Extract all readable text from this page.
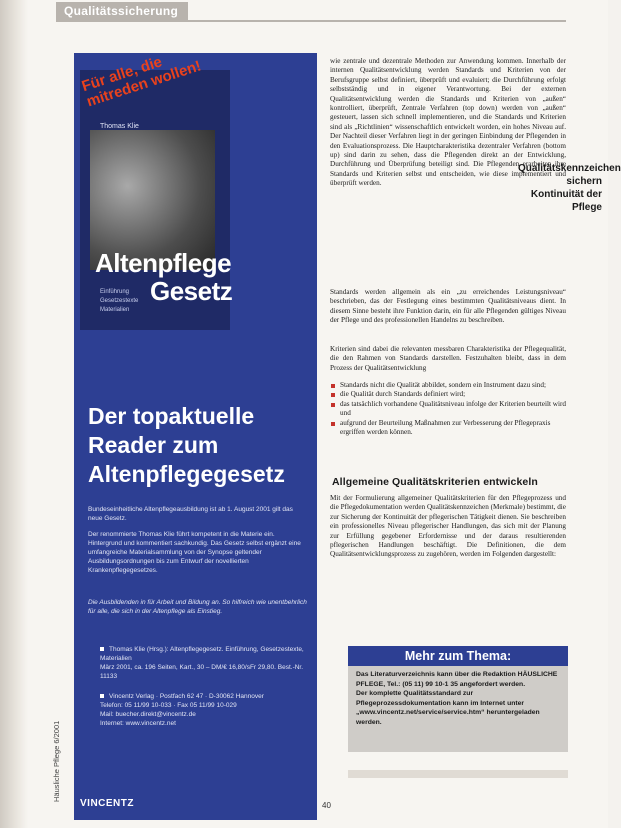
Qualitätssicherung
Thomas Klie
Altenpflege
Gesetz
Einführung
Gesetzestexte
Materialien
Für alle, die mitreden wollen!
Der topaktuelle Reader zum Altenpflegegesetz

Bundeseinheitliche Altenpflegeausbildung ist ab 1. August 2001 gilt das neue Gesetz.

Der renommierte Thomas Klie führt kompetent in die Materie ein. Hintergrund und kommentiert sachkundig. Das Gesetz selbst ergänzt eine umfangreiche Materialsammlung von der Synopse geltender Ausbildungsordnungen bis zum Entwurf der novellierten Krankenpflegegesetzes.

Die Ausbildenden in für Arbeit und Bildung an. So hilfreich wie unentbehrlich für alle, die sich in der Altenpflege als Einstieg.

Thomas Klie (Hrsg.): Altenpflegegesetz. Einführung, Gesetzestexte, Materialien

März 2001, ca. 196 Seiten, Kart., 30 – DM/€ 16,80/sFr 29,80. Best.-Nr. 11133

Vincentz Verlag · Postfach 62 47 · D-30062 Hannover

Telefon: 05 11/99 10-033 · Fax 05 11/99 10-029

Mail: buecher.direkt@vincentz.de

Internet: www.vincentz.net

VINCENTZ
Häusliche Pflege 6/2001

wie zentrale und dezentrale Methoden zur Anwendung kommen. Innerhalb der internen Qualitätsentwicklung werden Standards und Kriterien von der Berufsgruppe selbst definiert, überprüft und evaluiert; die Durchführung erfolgt selbstständig und in eigener Verantwortung. Bei der externen Qualitätsentwicklung werden die Standards und Kriterien von „außen“ kontrolliert, überprüft, Zentrale Verfahren (top down) werden von „außen“ gesteuert, lassen sich schnell implementieren, und die Standards und Kriterien sind als „Richtlinien“ wissenschaftlich entwickelt worden, ein hohes Niveau auf. Der Nachteil dieser Verfahren liegt in der geringen Einbindung der Pflegenden in den Evaluationsprozess. Die Hauptcharakteristika dezentraler Verfahren (bottom up) sind darin zu sehen, dass die Pflegenden direkt an der Entwicklung, Durchführung und Überprüfung beteiligt sind. Die Pflegenden erarbeiten ihre Standards und Kriterien selbst und entscheiden, wie diese implementiert und überprüft werden.

Standards werden allgemein als ein „zu erreichendes Leistungsniveau“ beschrieben, das der Festlegung eines bestimmten Qualitätsniveaus dient. In diesem Sinne besteht ihre Funktion darin, ein für alle Pflegenden gültiges Niveau der Pflege und des professionellen Handelns zu beschreiben.

Kriterien sind dabei die relevanten messbaren Charakteristika der Pflegequalität, die den Rahmen von Standards darstellen. Festzuhalten bleibt, dass in dem Prozess der Qualitätsentwicklung

Standards nicht die Qualität abbildet, sondern ein Instrument dazu sind;
die Qualität durch Standards definiert wird;
das tatsächlich vorhandene Qualitätsniveau infolge der Kriterien beurteilt wird und
aufgrund der Beurteilung Maßnahmen zur Verbesserung der Pflegepraxis ergriffen werden können.
Allgemeine Qualitätskriterien entwickeln

Mit der Formulierung allgemeiner Qualitätskriterien für den Pflegeprozess und die Pflegedokumentation werden Qualitätskennzeichen (Merkmale) bestimmt, die zur Sicherung der Kontinuität der pflegerischen Tätigkeit dienen. Sie beschreiben ein professionelles Niveau pflegerischer Handlungen, das sich mit der Planung zur Erfüllung gegebener Erfordernisse und der daraus resultierenden pflegerischen Handlungen beschäftigt. Die Definitionen, die dem Qualitätsentwicklungsprozess zu zugehören, werden im Folgenden dargestellt:

Qualitätskennzeichen sichern Kontinuität der Pflege

Mehr zum Thema:

Das Literaturverzeichnis kann über die Redaktion HÄUSLICHE PFLEGE, Tel.: (05 11) 99 10-1 35 angefordert werden.
Der komplette Qualitätsstandard zur Pflegeprozessdokumentation kann im Internet unter „www.vincentz.net/service/service.htm“ heruntergeladen werden.

40
